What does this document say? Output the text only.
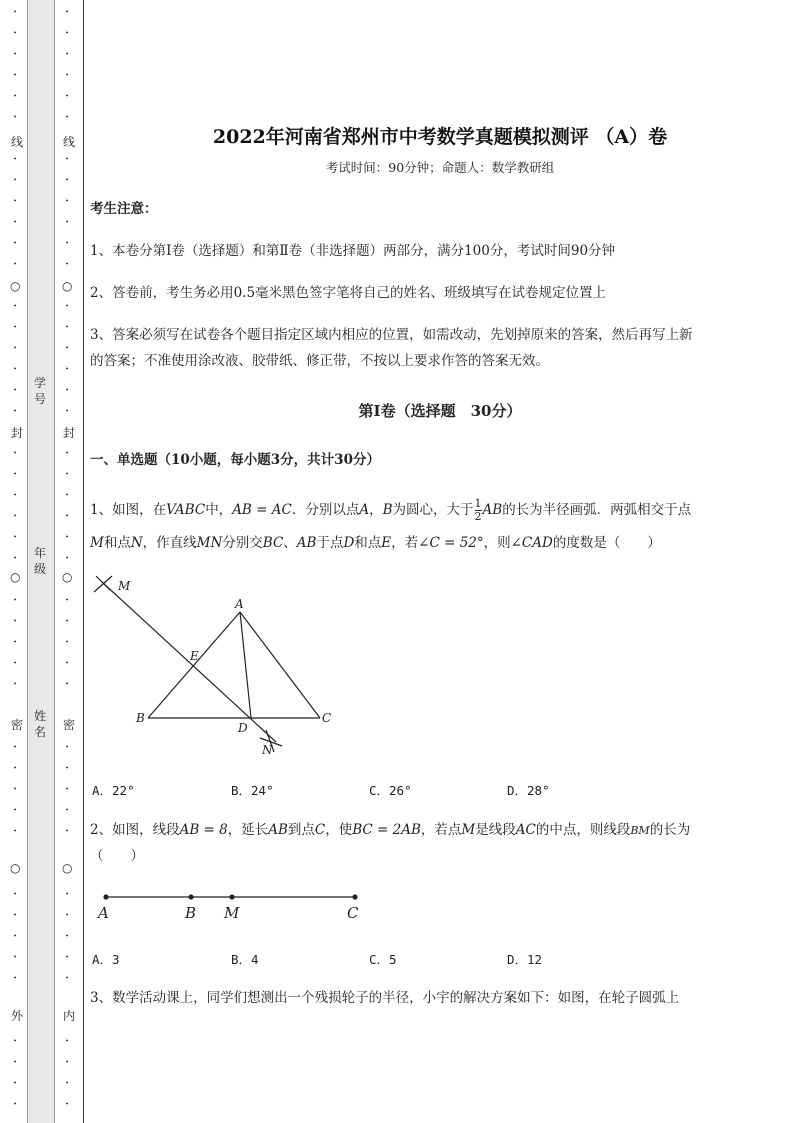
•
•
•
•
•
•
•
•
•
•
•
•
•
•
•
•
•
•
•
•
•
•
•
•
•
•
•
•
•
•
•
•
•
•
•
•
•
•
•
•
•
•
•
•
•
•
•
•
•
•
•
•
•
•
•
•
•
•
•
•
•
•
•
•
•
•
•
•
•
•
•
•
•
•
•
•
•
•
•
•
•
•
•
•
•
•
线
○
封
○
密
○
外
线
○
封
○
密
○
内
学号
年级
姓名
2022年河南省郑州市中考数学真题模拟测评 （A）卷
考试时间：90分钟；命题人：数学教研组
考生注意：
1、本卷分第Ⅰ卷（选择题）和第Ⅱ卷（非选择题）两部分，满分100分，考试时间90分钟
2、答卷前，考生务必用0.5毫米黑色签字笔将自己的姓名、班级填写在试卷规定位置上
3、答案必须写在试卷各个题目指定区域内相应的位置，如需改动，先划掉原来的答案，然后再写上新
的答案；不准使用涂改液、胶带纸、修正带，不按以上要求作答的答案无效。
第Ⅰ卷（选择题　30分）
一、单选题（10小题，每小题3分，共计30分）
1、如图，在VABC中，AB = AC．分别以点A，B为圆心，大于 $\frac{1}{2}$ AB的长为半径画弧．两弧相交于点
M和点N，作直线MN分别交BC、AB于点D和点E，若∠C = 52°，则∠CAD的度数是（　　）
M
A
E
B
D
C
N
A．22°	B．24°	C．26°	D．28°
2、如图，线段AB = 8，延长AB到点C，使BC = 2AB，若点M是线段AC的中点，则线段BM的长为
（　　）
A	B M	C
A．3	B．4	C．5	D．12
3、数学活动课上，同学们想测出一个残损轮子的半径，小宇的解决方案如下：如图，在轮子圆弧上
